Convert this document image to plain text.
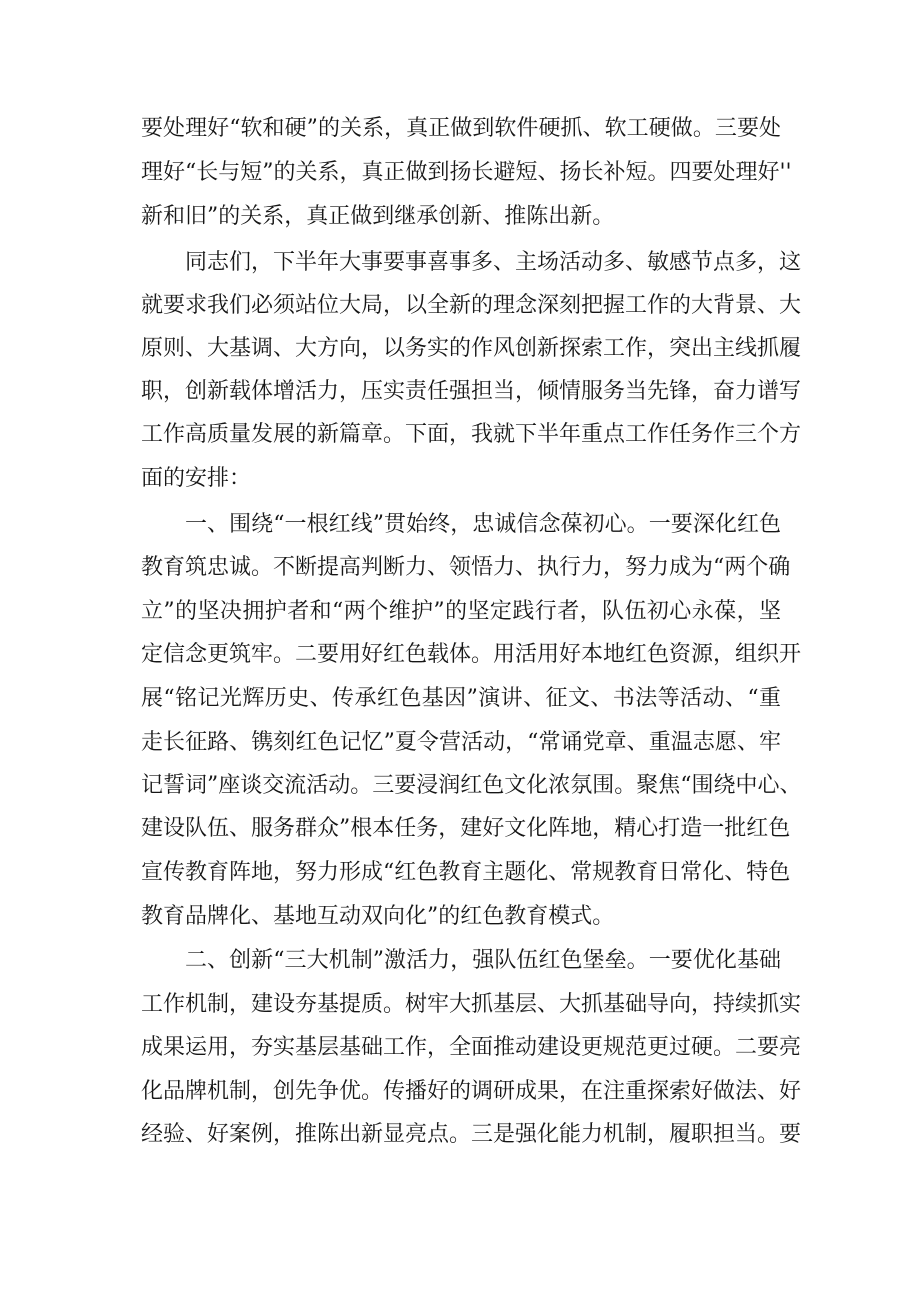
要处理好“软和硬”的关系，真正做到软件硬抓、软工硬做。三要处
理好“长与短”的关系，真正做到扬长避短、扬长补短。四要处理好''
新和旧”的关系，真正做到继承创新、推陈出新。
同志们，下半年大事要事喜事多、主场活动多、敏感节点多，这
就要求我们必须站位大局，以全新的理念深刻把握工作的大背景、大
原则、大基调、大方向，以务实的作风创新探索工作，突出主线抓履
职，创新载体增活力，压实责任强担当，倾情服务当先锋，奋力谱写
工作高质量发展的新篇章。下面，我就下半年重点工作任务作三个方
面的安排：
一、围绕“一根红线”贯始终，忠诚信念葆初心。一要深化红色
教育筑忠诚。不断提高判断力、领悟力、执行力，努力成为“两个确
立”的坚决拥护者和“两个维护”的坚定践行者，队伍初心永葆，坚
定信念更筑牢。二要用好红色载体。用活用好本地红色资源，组织开
展“铭记光辉历史、传承红色基因”演讲、征文、书法等活动、“重
走长征路、镌刻红色记忆”夏令营活动，“常诵党章、重温志愿、牢
记誓词”座谈交流活动。三要浸润红色文化浓氛围。聚焦“围绕中心、
建设队伍、服务群众”根本任务，建好文化阵地，精心打造一批红色
宣传教育阵地，努力形成“红色教育主题化、常规教育日常化、特色
教育品牌化、基地互动双向化”的红色教育模式。
二、创新“三大机制”激活力，强队伍红色堡垒。一要优化基础
工作机制，建设夯基提质。树牢大抓基层、大抓基础导向，持续抓实
成果运用，夯实基层基础工作，全面推动建设更规范更过硬。二要亮
化品牌机制，创先争优。传播好的调研成果，在注重探索好做法、好
经验、好案例，推陈出新显亮点。三是强化能力机制，履职担当。要
